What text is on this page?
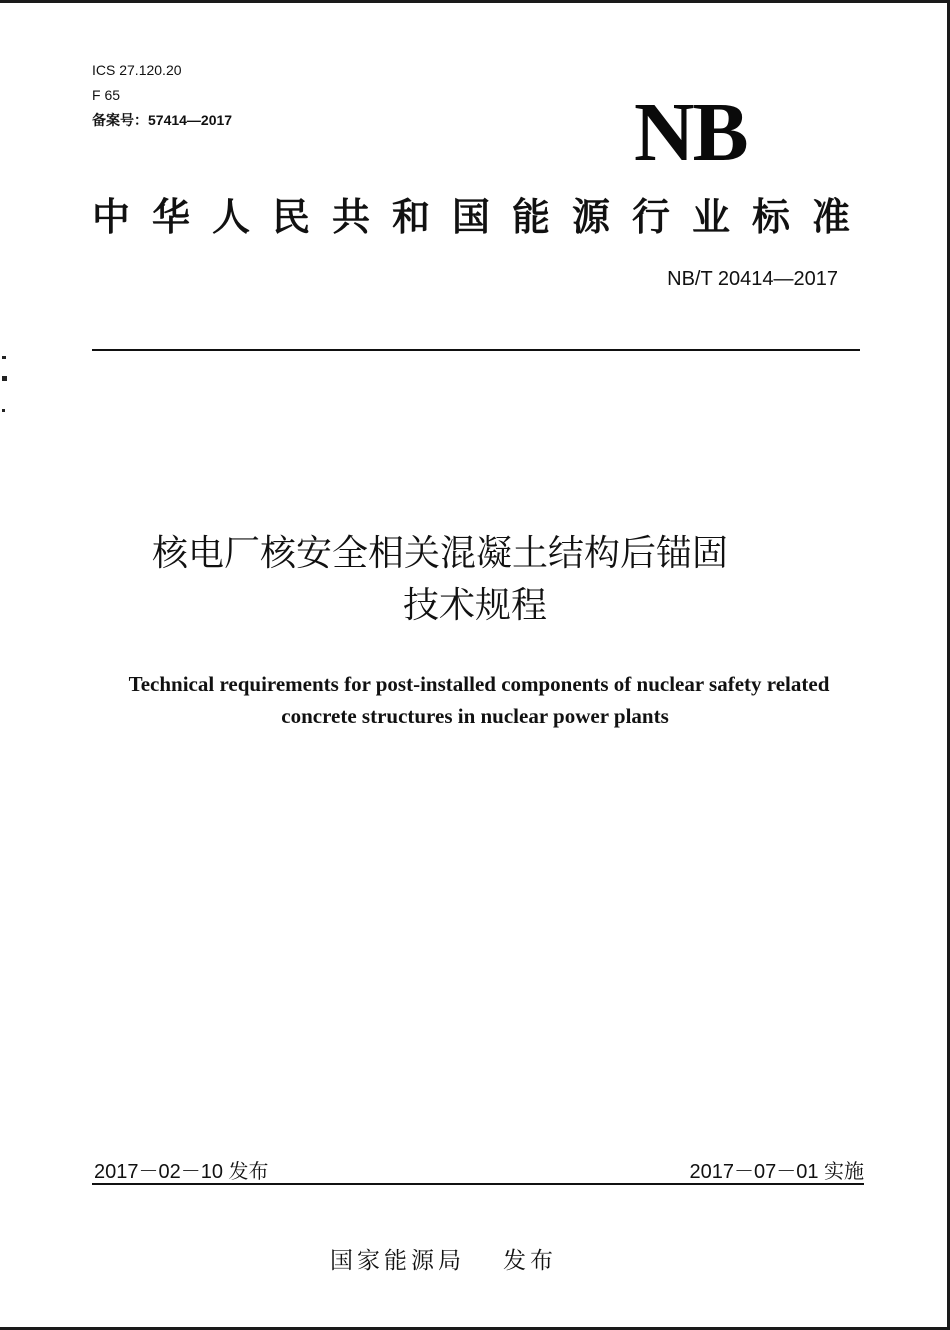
ICS 27.120.20
F 65
备案号：57414—2017	NB
中华人民共和国能源行业标准
NB/T 20414—2017
核电厂核安全相关混凝土结构后锚固
技术规程
Technical requirements for post-installed components of nuclear safety related
concrete structures in nuclear power plants
2017－02－10 发布	2017－07－01 实施
国家能源局 发布
